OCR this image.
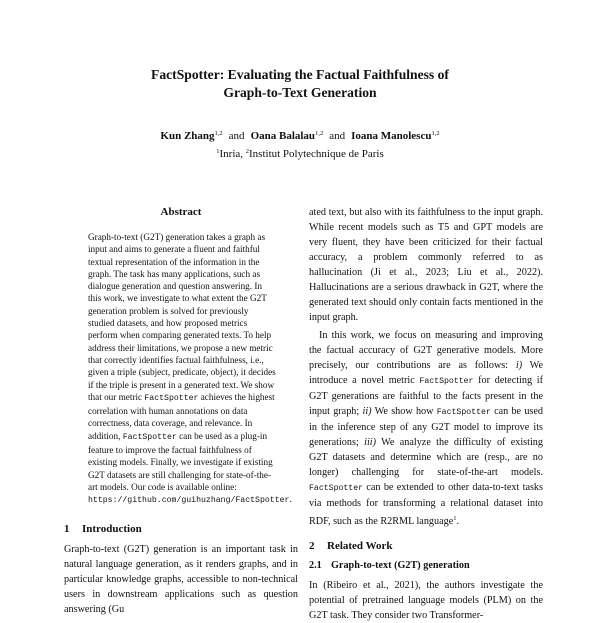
FactSpotter: Evaluating the Factual Faithfulness of
Graph-to-Text Generation
Kun Zhang$^{1,2}$ and Oana Balalau$^{1,2}$ and Ioana Manolescu$^{1,2}$
$^1$Inria, $^2$Institut Polytechnique de Paris

Abstract

Graph-to-text (G2T) generation takes a graph as input and aims to generate a fluent and faithful textual representation of the information in the graph. The task has many applications, such as dialogue generation and question answering. In this work, we investigate to what extent the G2T generation problem is solved for previously studied datasets, and how proposed metrics perform when comparing generated texts. To help address their limitations, we propose a new metric that correctly identifies factual faithfulness, i.e., given a triple (subject, predicate, object), it decides if the triple is present in a generated text. We show that our metric FactSpotter achieves the highest correlation with human annotations on data correctness, data coverage, and relevance. In addition, FactSpotter can be used as a plug-in feature to improve the factual faithfulness of existing models. Finally, we investigate if existing G2T datasets are still challenging for state-of-the-art models. Our code is available online: https://github.com/guihuzhang/FactSpotter.

1 Introduction

Graph-to-text (G2T) generation is an important task in natural language generation, as it renders graphs, and in particular knowledge graphs, accessible to non-technical users in downstream applications such as question answering (Gu

ated text, but also with its faithfulness to the input graph. While recent models such as T5 and GPT models are very fluent, they have been criticized for their factual accuracy, a problem commonly referred to as hallucination (Ji et al., 2023; Liu et al., 2022). Hallucinations are a serious drawback in G2T, where the generated text should only contain facts mentioned in the input graph.

In this work, we focus on measuring and improving the factual accuracy of G2T generative models. More precisely, our contributions are as follows: i) We introduce a novel metric FactSpotter for detecting if G2T generations are faithful to the facts present in the input graph; ii) We show how FactSpotter can be used in the inference step of any G2T model to improve its generations; iii) We analyze the difficulty of existing G2T datasets and determine which are (resp., are no longer) challenging for state-of-the-art models. FactSpotter can be extended to other data-to-text tasks via methods for transforming a relational dataset into RDF, such as the R2RML language$^1$.

2 Related Work

2.1 Graph-to-text (G2T) generation

In (Ribeiro et al., 2021), the authors investigate the potential of pretrained language models (PLM) on the G2T task. They consider two Transformer-
